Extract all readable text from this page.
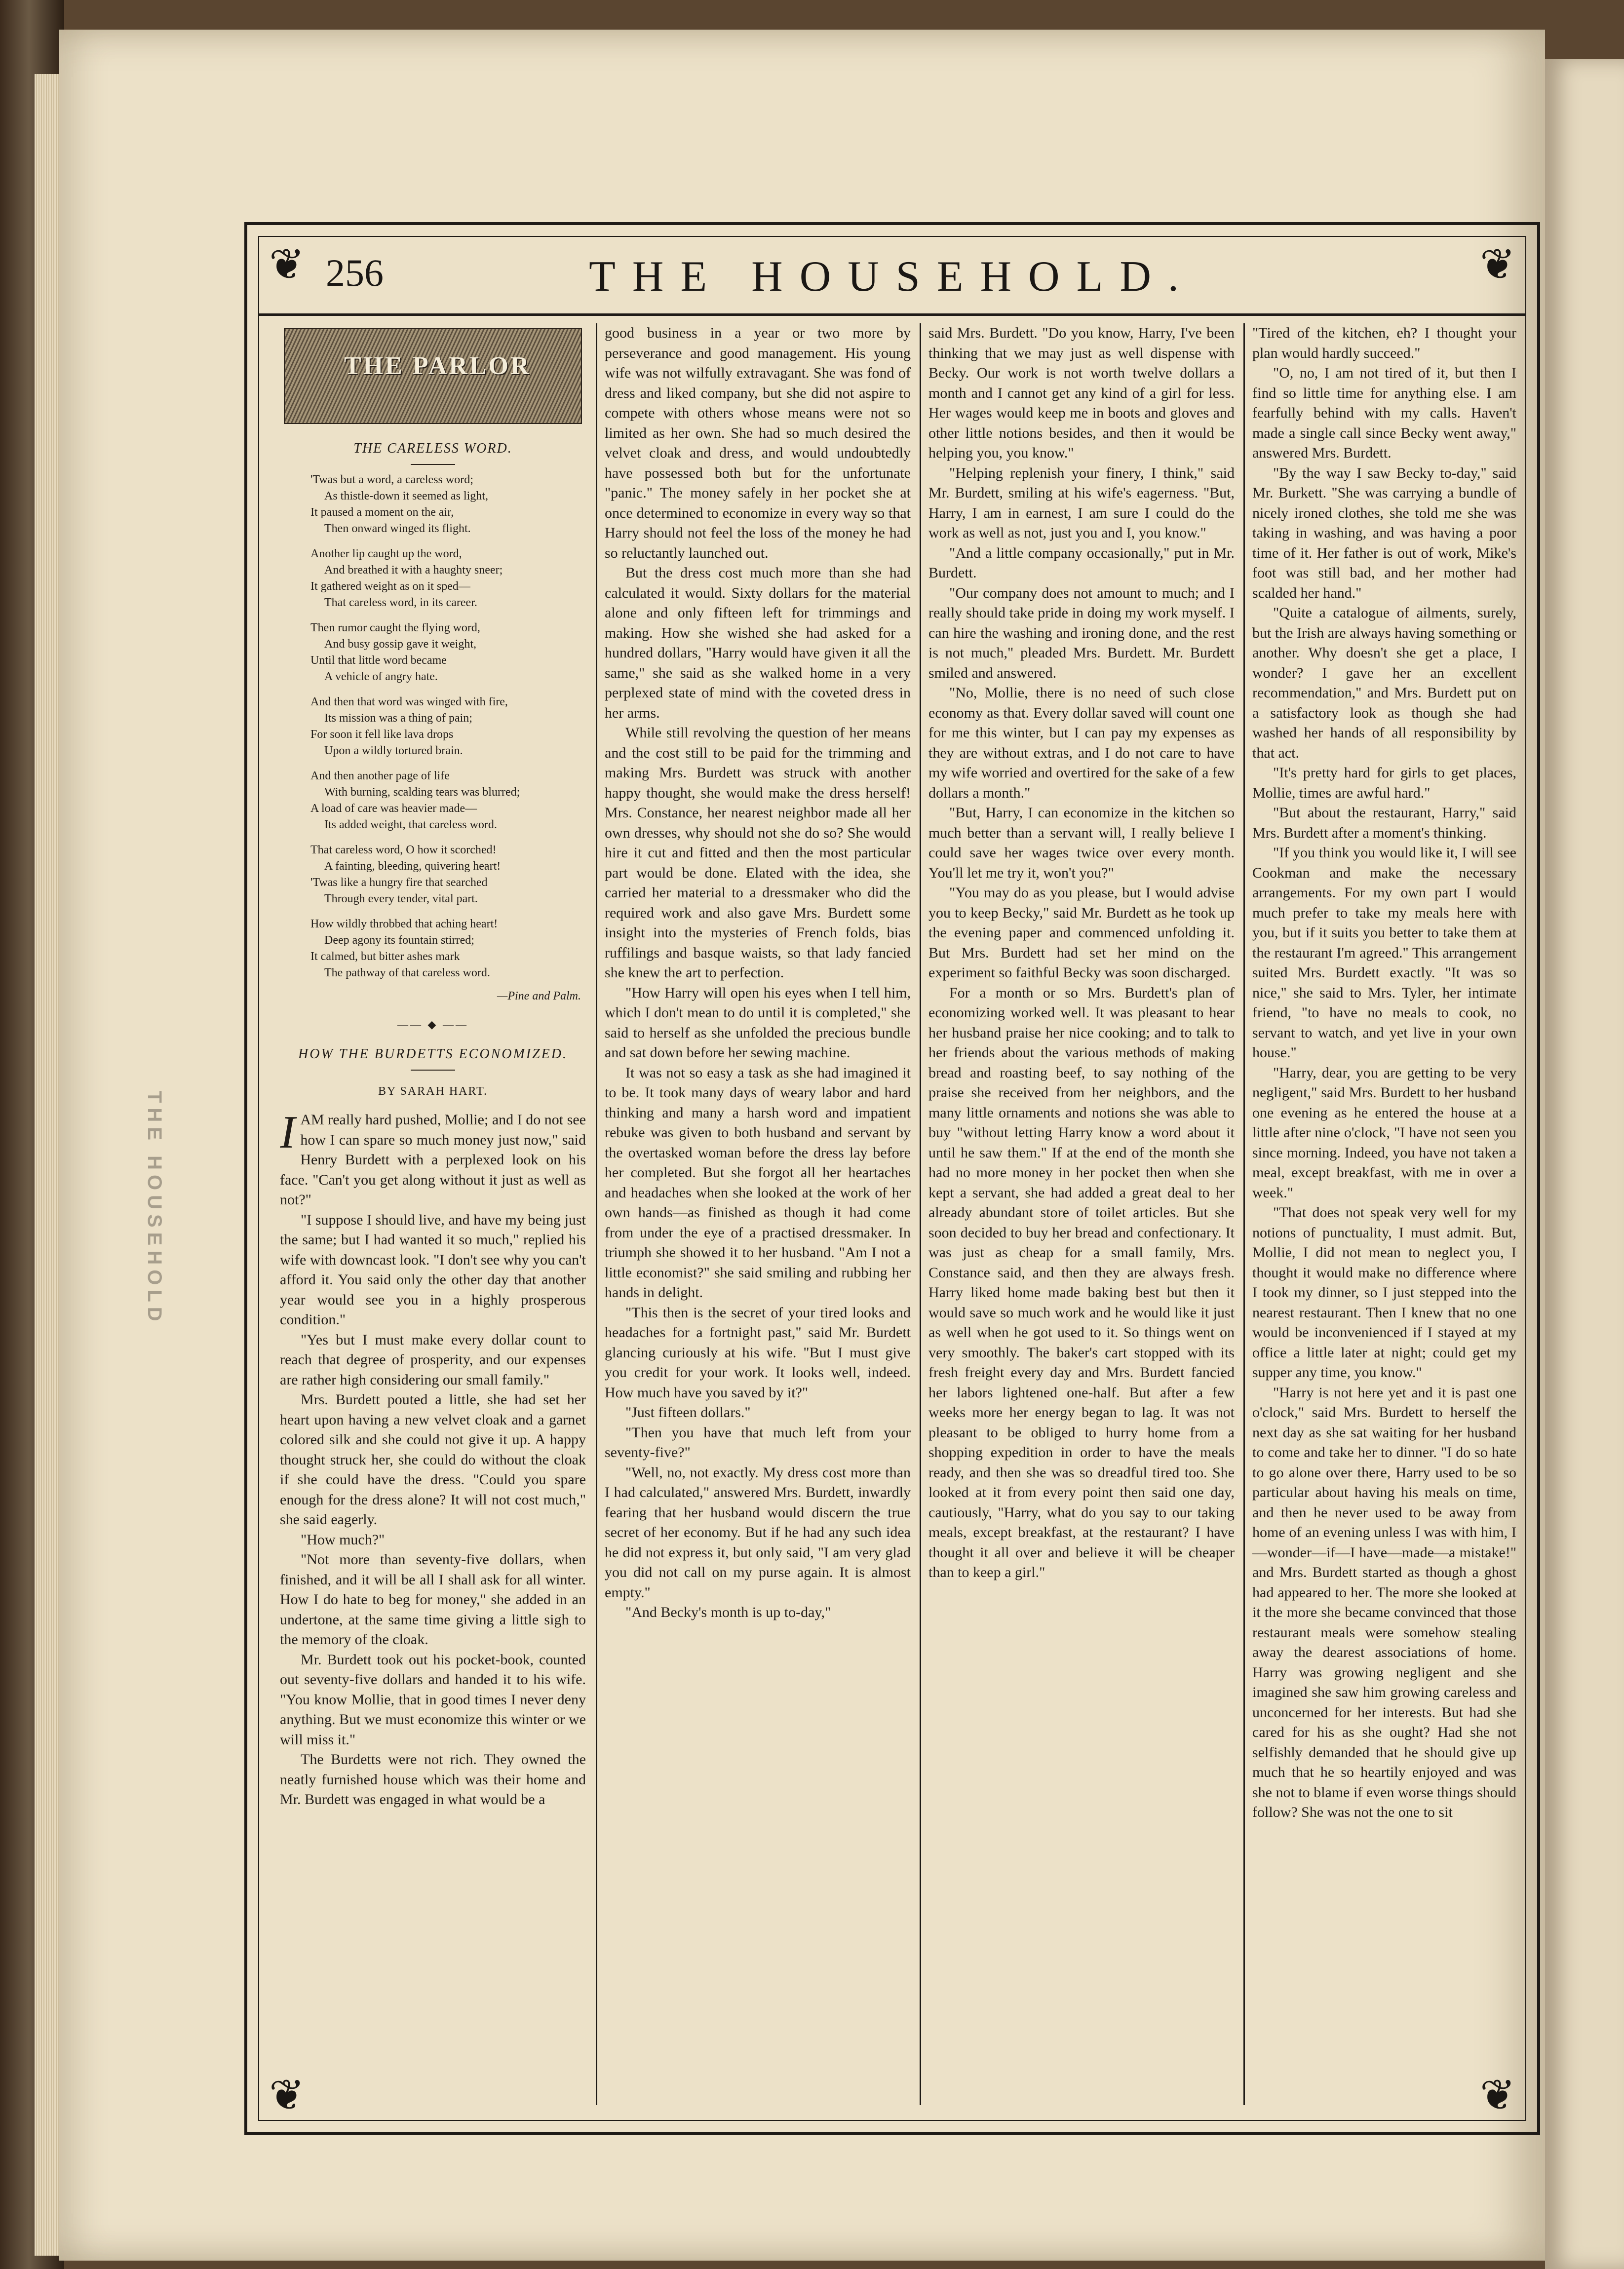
THE HOUSEHOLD
❦	❦
❦	❦
256	THE HOUSEHOLD.
THE PARLOR
THE CARELESS WORD.
'Twas but a word, a careless word;
As thistle-down it seemed as light,
It paused a moment on the air,
Then onward winged its flight.
Another lip caught up the word,
And breathed it with a haughty sneer;
It gathered weight as on it sped—
That careless word, in its career.
Then rumor caught the flying word,
And busy gossip gave it weight,
Until that little word became
A vehicle of angry hate.
And then that word was winged with fire,
Its mission was a thing of pain;
For soon it fell like lava drops
Upon a wildly tortured brain.
And then another page of life
With burning, scalding tears was blurred;
A load of care was heavier made—
Its added weight, that careless word.
That careless word, O how it scorched!
A fainting, bleeding, quivering heart!
'Twas like a hungry fire that searched
Through every tender, vital part.
How wildly throbbed that aching heart!
Deep agony its fountain stirred;
It calmed, but bitter ashes mark
The pathway of that careless word.
—Pine and Palm.
—— ◆ ——
HOW THE BURDETTS ECONOMIZED.
BY SARAH HART.

IAM really hard pushed, Mollie; and I do not see how I can spare so much money just now," said Henry Burdett with a perplexed look on his face. "Can't you get along without it just as well as not?"

"I suppose I should live, and have my being just the same; but I had wanted it so much," replied his wife with downcast look. "I don't see why you can't afford it. You said only the other day that another year would see you in a highly prosperous condition."

"Yes but I must make every dollar count to reach that degree of prosperity, and our expenses are rather high considering our small family."

Mrs. Burdett pouted a little, she had set her heart upon having a new velvet cloak and a garnet colored silk and she could not give it up. A happy thought struck her, she could do without the cloak if she could have the dress. "Could you spare enough for the dress alone? It will not cost much," she said eagerly.

"How much?"

"Not more than seventy-five dollars, when finished, and it will be all I shall ask for all winter. How I do hate to beg for money," she added in an undertone, at the same time giving a little sigh to the memory of the cloak.

Mr. Burdett took out his pocket-book, counted out seventy-five dollars and handed it to his wife. "You know Mollie, that in good times I never deny anything. But we must economize this winter or we will miss it."

The Burdetts were not rich. They owned the neatly furnished house which was their home and Mr. Burdett was engaged in what would be a

good business in a year or two more by perseverance and good management. His young wife was not wilfully extravagant. She was fond of dress and liked company, but she did not aspire to compete with others whose means were not so limited as her own. She had so much desired the velvet cloak and dress, and would undoubtedly have possessed both but for the unfortunate "panic." The money safely in her pocket she at once determined to economize in every way so that Harry should not feel the loss of the money he had so reluctantly launched out.

But the dress cost much more than she had calculated it would. Sixty dollars for the material alone and only fifteen left for trimmings and making. How she wished she had asked for a hundred dollars, "Harry would have given it all the same," she said as she walked home in a very perplexed state of mind with the coveted dress in her arms.

While still revolving the question of her means and the cost still to be paid for the trimming and making Mrs. Burdett was struck with another happy thought, she would make the dress herself! Mrs. Constance, her nearest neighbor made all her own dresses, why should not she do so? She would hire it cut and fitted and then the most particular part would be done. Elated with the idea, she carried her material to a dressmaker who did the required work and also gave Mrs. Burdett some insight into the mysteries of French folds, bias ruffilings and basque waists, so that lady fancied she knew the art to perfection.

"How Harry will open his eyes when I tell him, which I don't mean to do until it is completed," she said to herself as she unfolded the precious bundle and sat down before her sewing machine.

It was not so easy a task as she had imagined it to be. It took many days of weary labor and hard thinking and many a harsh word and impatient rebuke was given to both husband and servant by the overtasked woman before the dress lay before her completed. But she forgot all her heartaches and headaches when she looked at the work of her own hands—as finished as though it had come from under the eye of a practised dressmaker. In triumph she showed it to her husband. "Am I not a little economist?" she said smiling and rubbing her hands in delight.

"This then is the secret of your tired looks and headaches for a fortnight past," said Mr. Burdett glancing curiously at his wife. "But I must give you credit for your work. It looks well, indeed. How much have you saved by it?"

"Just fifteen dollars."

"Then you have that much left from your seventy-five?"

"Well, no, not exactly. My dress cost more than I had calculated," answered Mrs. Burdett, inwardly fearing that her husband would discern the true secret of her economy. But if he had any such idea he did not express it, but only said, "I am very glad you did not call on my purse again. It is almost empty."

"And Becky's month is up to-day,"

said Mrs. Burdett. "Do you know, Harry, I've been thinking that we may just as well dispense with Becky. Our work is not worth twelve dollars a month and I cannot get any kind of a girl for less. Her wages would keep me in boots and gloves and other little notions besides, and then it would be helping you, you know."

"Helping replenish your finery, I think," said Mr. Burdett, smiling at his wife's eagerness. "But, Harry, I am in earnest, I am sure I could do the work as well as not, just you and I, you know."

"And a little company occasionally," put in Mr. Burdett.

"Our company does not amount to much; and I really should take pride in doing my work myself. I can hire the washing and ironing done, and the rest is not much," pleaded Mrs. Burdett. Mr. Burdett smiled and answered.

"No, Mollie, there is no need of such close economy as that. Every dollar saved will count one for me this winter, but I can pay my expenses as they are without extras, and I do not care to have my wife worried and overtired for the sake of a few dollars a month."

"But, Harry, I can economize in the kitchen so much better than a servant will, I really believe I could save her wages twice over every month. You'll let me try it, won't you?"

"You may do as you please, but I would advise you to keep Becky," said Mr. Burdett as he took up the evening paper and commenced unfolding it. But Mrs. Burdett had set her mind on the experiment so faithful Becky was soon discharged.

For a month or so Mrs. Burdett's plan of economizing worked well. It was pleasant to hear her husband praise her nice cooking; and to talk to her friends about the various methods of making bread and roasting beef, to say nothing of the praise she received from her neighbors, and the many little ornaments and notions she was able to buy "without letting Harry know a word about it until he saw them." If at the end of the month she had no more money in her pocket then when she kept a servant, she had added a great deal to her already abundant store of toilet articles. But she soon decided to buy her bread and confectionary. It was just as cheap for a small family, Mrs. Constance said, and then they are always fresh. Harry liked home made baking best but then it would save so much work and he would like it just as well when he got used to it. So things went on very smoothly. The baker's cart stopped with its fresh freight every day and Mrs. Burdett fancied her labors lightened one-half. But after a few weeks more her energy began to lag. It was not pleasant to be obliged to hurry home from a shopping expedition in order to have the meals ready, and then she was so dreadful tired too. She looked at it from every point then said one day, cautiously, "Harry, what do you say to our taking meals, except breakfast, at the restaurant? I have thought it all over and believe it will be cheaper than to keep a girl."

"Tired of the kitchen, eh? I thought your plan would hardly succeed."

"O, no, I am not tired of it, but then I find so little time for anything else. I am fearfully behind with my calls. Haven't made a single call since Becky went away," answered Mrs. Burdett.

"By the way I saw Becky to-day," said Mr. Burkett. "She was carrying a bundle of nicely ironed clothes, she told me she was taking in washing, and was having a poor time of it. Her father is out of work, Mike's foot was still bad, and her mother had scalded her hand."

"Quite a catalogue of ailments, surely, but the Irish are always having something or another. Why doesn't she get a place, I wonder? I gave her an excellent recommendation," and Mrs. Burdett put on a satisfactory look as though she had washed her hands of all responsibility by that act.

"It's pretty hard for girls to get places, Mollie, times are awful hard."

"But about the restaurant, Harry," said Mrs. Burdett after a moment's thinking.

"If you think you would like it, I will see Cookman and make the necessary arrangements. For my own part I would much prefer to take my meals here with you, but if it suits you better to take them at the restaurant I'm agreed." This arrangement suited Mrs. Burdett exactly. "It was so nice," she said to Mrs. Tyler, her intimate friend, "to have no meals to cook, no servant to watch, and yet live in your own house."

"Harry, dear, you are getting to be very negligent," said Mrs. Burdett to her husband one evening as he entered the house at a little after nine o'clock, "I have not seen you since morning. Indeed, you have not taken a meal, except breakfast, with me in over a week."

"That does not speak very well for my notions of punctuality, I must admit. But, Mollie, I did not mean to neglect you, I thought it would make no difference where I took my dinner, so I just stepped into the nearest restaurant. Then I knew that no one would be inconvenienced if I stayed at my office a little later at night; could get my supper any time, you know."

"Harry is not here yet and it is past one o'clock," said Mrs. Burdett to herself the next day as she sat waiting for her husband to come and take her to dinner. "I do so hate to go alone over there, Harry used to be so particular about having his meals on time, and then he never used to be away from home of an evening unless I was with him, I—wonder—if—I have—made—a mistake!" and Mrs. Burdett started as though a ghost had appeared to her. The more she looked at it the more she became convinced that those restaurant meals were somehow stealing away the dearest associations of home. Harry was growing negligent and she imagined she saw him growing careless and unconcerned for her interests. But had she cared for his as she ought? Had she not selfishly demanded that he should give up much that he so heartily enjoyed and was she not to blame if even worse things should follow? She was not the one to sit
